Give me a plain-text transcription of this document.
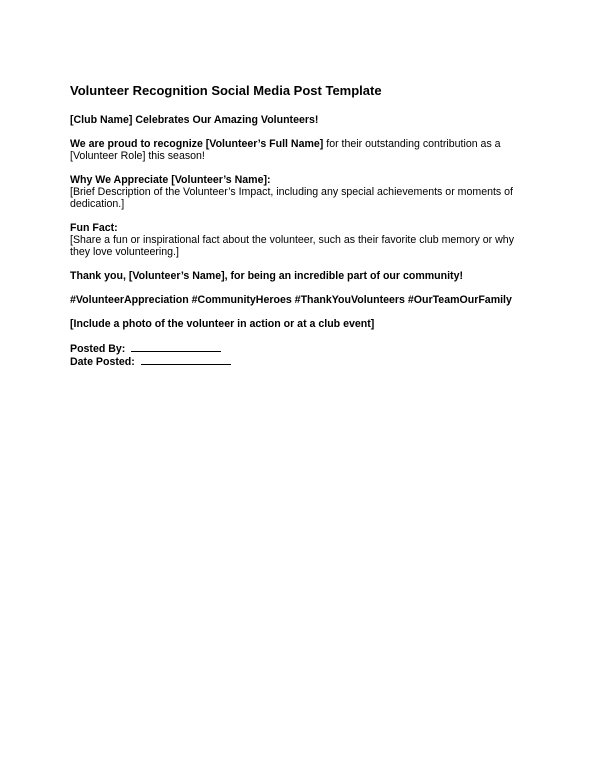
Volunteer Recognition Social Media Post Template

[Club Name] Celebrates Our Amazing Volunteers!

We are proud to recognize [Volunteer’s Full Name] for their outstanding contribution as a [Volunteer Role] this season!

Why We Appreciate [Volunteer’s Name]:
[Brief Description of the Volunteer’s Impact, including any special achievements or moments of dedication.]

Fun Fact:
[Share a fun or inspirational fact about the volunteer, such as their favorite club memory or why they love volunteering.]

Thank you, [Volunteer’s Name], for being an incredible part of our community!

#VolunteerAppreciation #CommunityHeroes #ThankYouVolunteers #OurTeamOurFamily

[Include a photo of the volunteer in action or at a club event]

Posted By:

Date Posted:
